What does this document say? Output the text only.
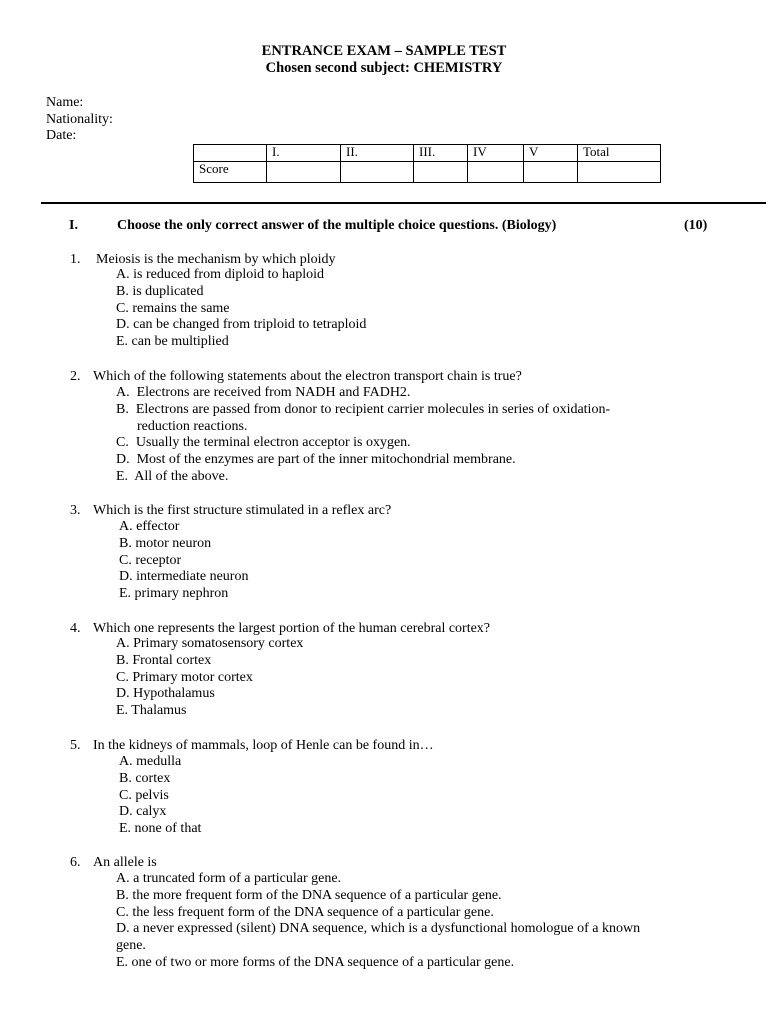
ENTRANCE EXAM – SAMPLE TEST
Chosen second subject: CHEMISTRY
Name:
Nationality:
Date:
	I.	II.	III.	IV	V	Total
Score						
I.	Choose the only correct answer of the multiple choice questions. (Biology)	(10)
1. Meiosis is the mechanism by which ploidy
A. is reduced from diploid to haploid
B. is duplicated
C. remains the same
D. can be changed from triploid to tetraploid
E. can be multiplied
2. Which of the following statements about the electron transport chain is true?
A.  Electrons are received from NADH and FADH2.
B.  Electrons are passed from donor to recipient carrier molecules in series of oxidation-
reduction reactions.
C.  Usually the terminal electron acceptor is oxygen.
D.  Most of the enzymes are part of the inner mitochondrial membrane.
E.  All of the above.
3. Which is the first structure stimulated in a reflex arc?
A. effector
B. motor neuron
C. receptor
D. intermediate neuron
E. primary nephron
4. Which one represents the largest portion of the human cerebral cortex?
A. Primary somatosensory cortex
B. Frontal cortex
C. Primary motor cortex
D. Hypothalamus
E. Thalamus
5. In the kidneys of mammals, loop of Henle can be found in…
A. medulla
B. cortex
C. pelvis
D. calyx
E. none of that
6. An allele is
A. a truncated form of a particular gene.
B. the more frequent form of the DNA sequence of a particular gene.
C. the less frequent form of the DNA sequence of a particular gene.
D. a never expressed (silent) DNA sequence, which is a dysfunctional homologue of a known
gene.
E. one of two or more forms of the DNA sequence of a particular gene.
